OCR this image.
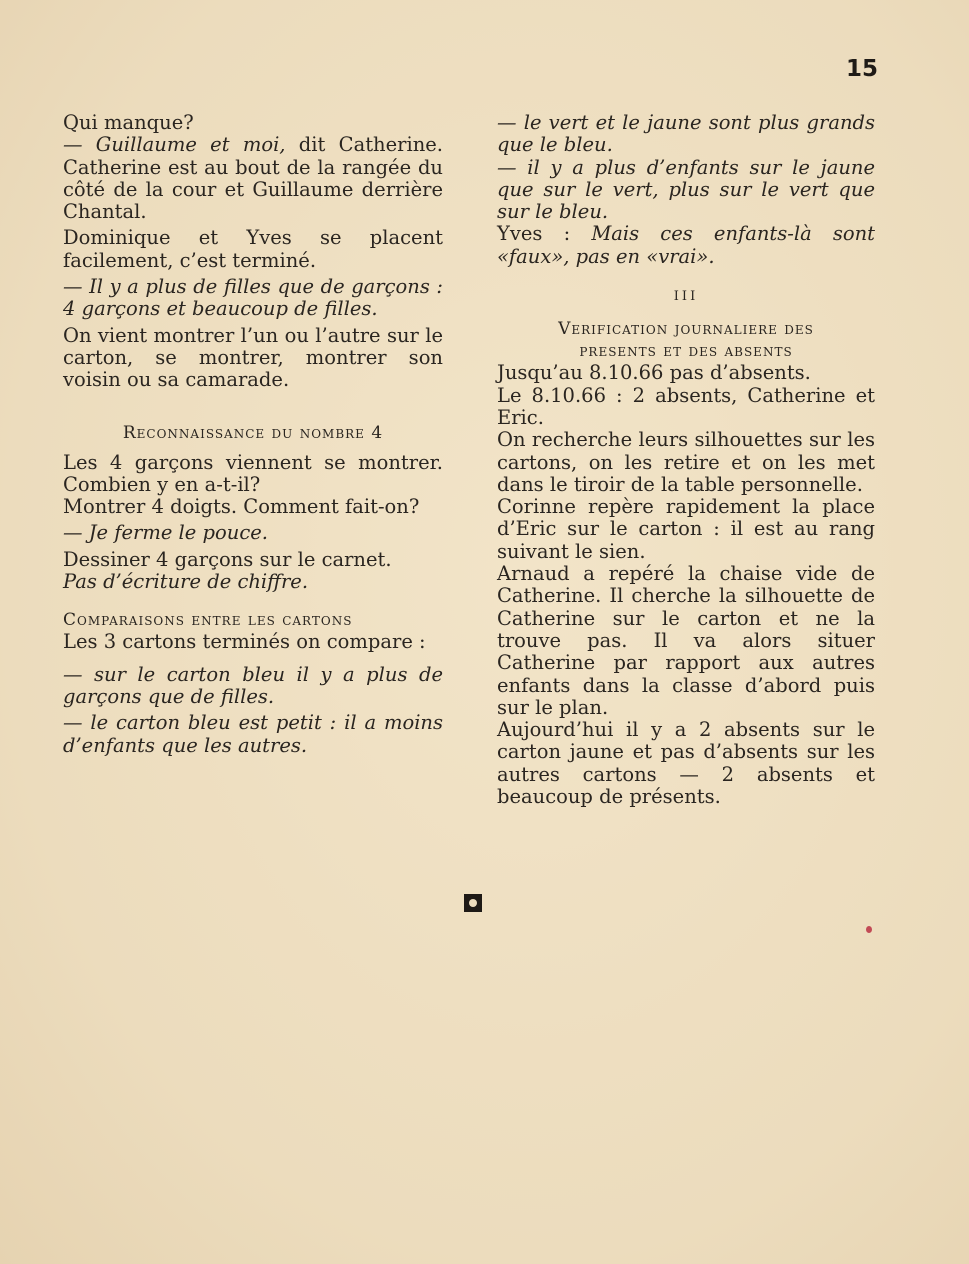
15

Qui manque?

— Guillaume et moi, dit Catherine. Catherine est au bout de la rangée du côté de la cour et Guillaume derrière Chantal.

Dominique et Yves se placent facilement, c’est terminé.

— Il y a plus de filles que de garçons : 4 garçons et beaucoup de filles.

On vient montrer l’un ou l’autre sur le carton, se montrer, montrer son voisin ou sa camarade.

Reconnaissance du nombre 4

Les 4 garçons viennent se montrer. Combien y en a-t-il?

Montrer 4 doigts. Comment fait-on?

— Je ferme le pouce.

Dessiner 4 garçons sur le carnet.

Pas d’écriture de chiffre.

Comparaisons entre les cartons

Les 3 cartons terminés on compare :

— sur le carton bleu il y a plus de garçons que de filles.

— le carton bleu est petit : il a moins d’enfants que les autres.

— le vert et le jaune sont plus grands que le bleu.

— il y a plus d’enfants sur le jaune que sur le vert, plus sur le vert que sur le bleu.

Yves : Mais ces enfants-là sont «faux», pas en «vrai».

III

Verification journaliere des

presents et des absents

Jusqu’au 8.10.66 pas d’absents.

Le 8.10.66 : 2 absents, Catherine et Eric.

On recherche leurs silhouettes sur les cartons, on les retire et on les met dans le tiroir de la table personnelle.

Corinne repère rapidement la place d’Eric sur le carton : il est au rang suivant le sien.

Arnaud a repéré la chaise vide de Catherine. Il cherche la silhouette de Catherine sur le carton et ne la trouve pas. Il va alors situer Catherine par rapport aux autres enfants dans la classe d’abord puis sur le plan.

Aujourd’hui il y a 2 absents sur le carton jaune et pas d’absents sur les autres cartons — 2 absents et beaucoup de présents.
